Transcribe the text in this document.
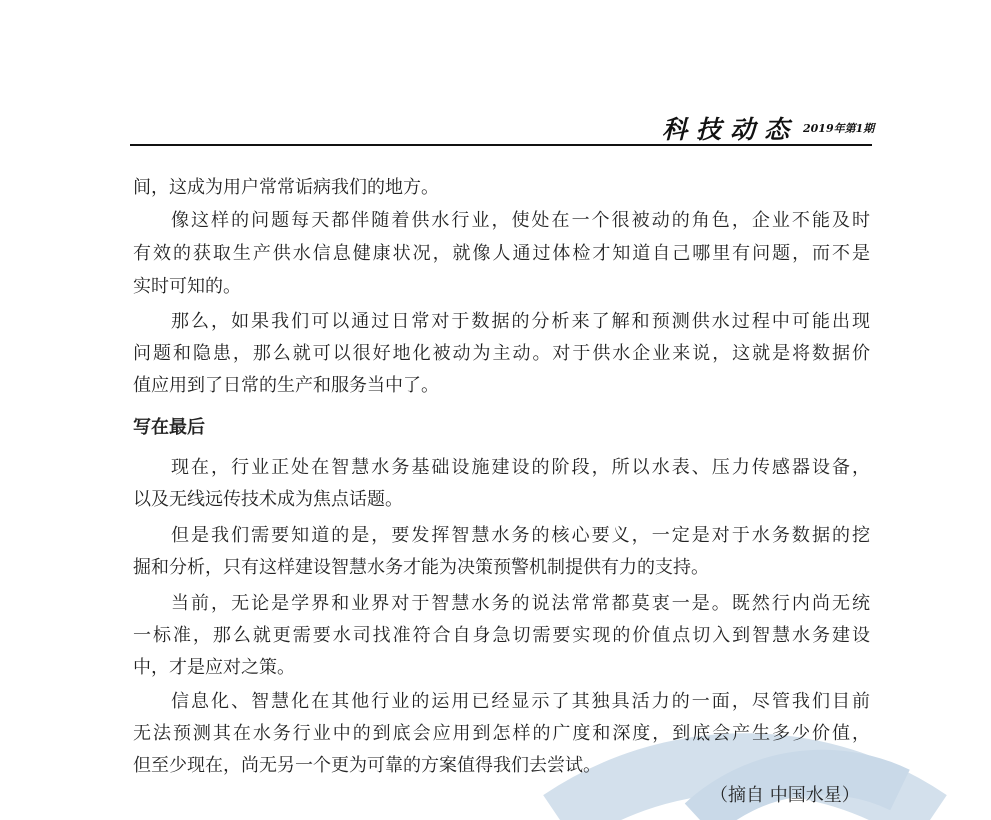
科技动态 2019年第1期
间，这成为用户常常诟病我们的地方。
像这样的问题每天都伴随着供水行业，使处在一个很被动的角色，企业不能及时
有效的获取生产供水信息健康状况，就像人通过体检才知道自己哪里有问题，而不是
实时可知的。
那么，如果我们可以通过日常对于数据的分析来了解和预测供水过程中可能出现
问题和隐患，那么就可以很好地化被动为主动。对于供水企业来说，这就是将数据价
值应用到了日常的生产和服务当中了。
写在最后
现在，行业正处在智慧水务基础设施建设的阶段，所以水表、压力传感器设备，
以及无线远传技术成为焦点话题。
但是我们需要知道的是，要发挥智慧水务的核心要义，一定是对于水务数据的挖
掘和分析，只有这样建设智慧水务才能为决策预警机制提供有力的支持。
当前，无论是学界和业界对于智慧水务的说法常常都莫衷一是。既然行内尚无统
一标准，那么就更需要水司找准符合自身急切需要实现的价值点切入到智慧水务建设
中，才是应对之策。
信息化、智慧化在其他行业的运用已经显示了其独具活力的一面，尽管我们目前
无法预测其在水务行业中的到底会应用到怎样的广度和深度，到底会产生多少价值，
但至少现在，尚无另一个更为可靠的方案值得我们去尝试。
（摘自 中国水星）
